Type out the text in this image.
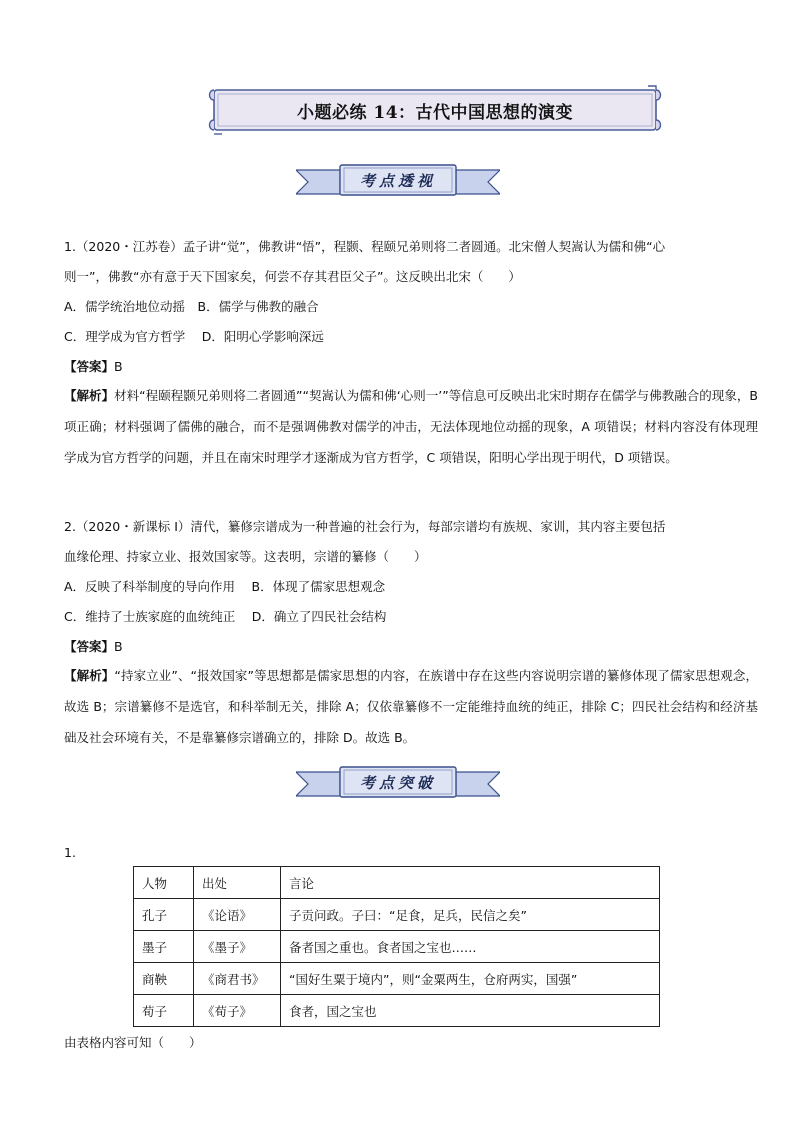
小题必练 14：古代中国思想的演变
考点透视
1.（2020・江苏卷）孟子讲“觉”，佛教讲“悟”，程颢、程颐兄弟则将二者圆通。北宋僧人契嵩认为儒和佛“心
则一”，佛教“亦有意于天下国家矣，何尝不存其君臣父子”。这反映出北宋（　　）
A．儒学统治地位动摇　B．儒学与佛教的融合
C．理学成为官方哲学　 D．阳明心学影响深远
【答案】B
【解析】材料“程颐程颢兄弟则将二者圆通”“契嵩认为儒和佛‘心则一’”等信息可反映出北宋时期存在儒学与佛教融合的现象，B 项正确；材料强调了儒佛的融合，而不是强调佛教对儒学的冲击，无法体现地位动摇的现象，A 项错误；材料内容没有体现理学成为官方哲学的问题，并且在南宋时理学才逐渐成为官方哲学，C 项错误，阳明心学出现于明代，D 项错误。
2.（2020・新课标 I）清代，纂修宗谱成为一种普遍的社会行为，每部宗谱均有族规、家训，其内容主要包括
血缘伦理、持家立业、报效国家等。这表明，宗谱的纂修（　　）
A．反映了科举制度的导向作用　 B．体现了儒家思想观念
C．维持了士族家庭的血统纯正　 D．确立了四民社会结构
【答案】B
【解析】“持家立业”、“报效国家”等思想都是儒家思想的内容，在族谱中存在这些内容说明宗谱的纂修体现了儒家思想观念，故选 B；宗谱纂修不是选官，和科举制无关，排除 A；仅依靠纂修不一定能维持血统的纯正，排除 C；四民社会结构和经济基础及社会环境有关，不是靠纂修宗谱确立的，排除 D。故选 B。
考点突破
1.
人物	出处	言论
孔子	《论语》	子贡问政。子曰：“足食，足兵，民信之矣”
墨子	《墨子》	备者国之重也。食者国之宝也……
商鞅	《商君书》	“国好生粟于境内”，则“金粟两生，仓府两实，国强”
荀子	《荀子》	食者，国之宝也
由表格内容可知（　　）
